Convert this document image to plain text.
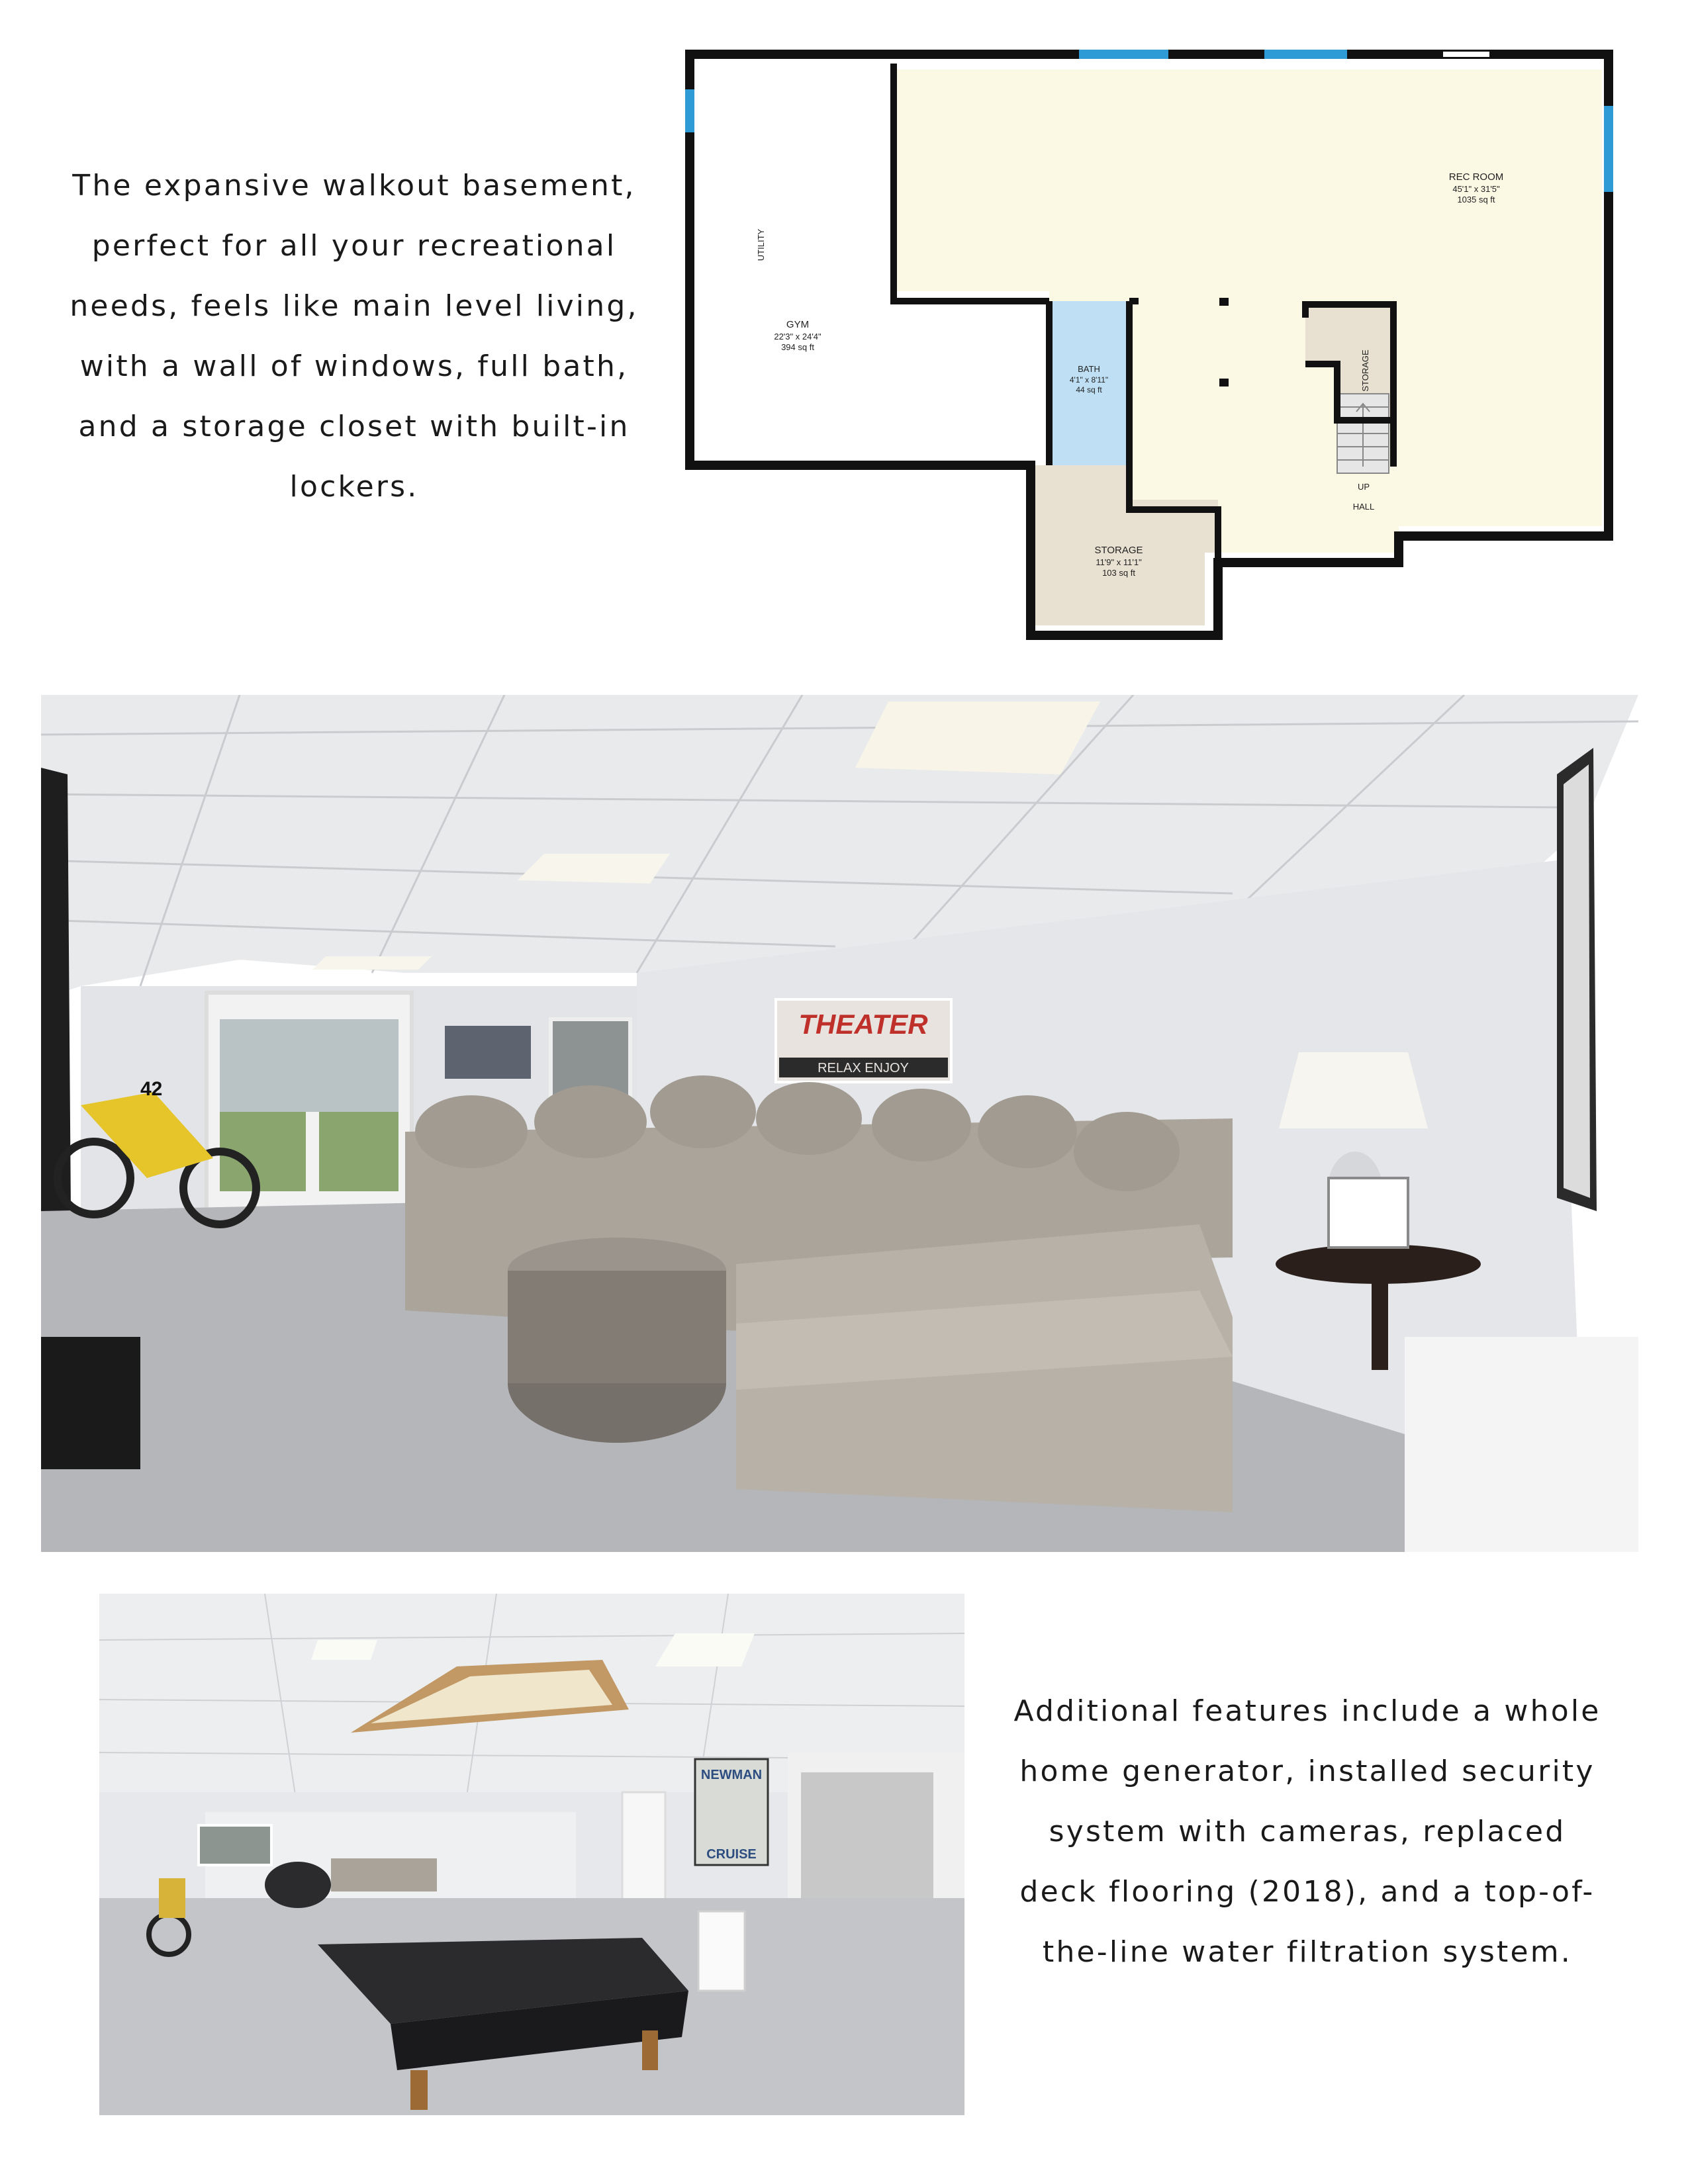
The expansive walkout basement, perfect for all your recreational needs, feels like main level living, with a wall of windows, full bath, and a storage closet with built-in lockers.
REC ROOM
45'1" x 31'5"
1035 sq ft
GYM
22'3" x 24'4"
394 sq ft
UTILITY
BATH
4'1" x 8'11"
44 sq ft	STORAGE
STORAGE
11'9" x 11'1"
103 sq ft
UP
HALL
THEATER
RELAX ENJOY
42
NEWMAN
CRUISE
Additional features include a whole home generator, installed security system with cameras, replaced deck flooring (2018), and a top-of-the-line water filtration system.
